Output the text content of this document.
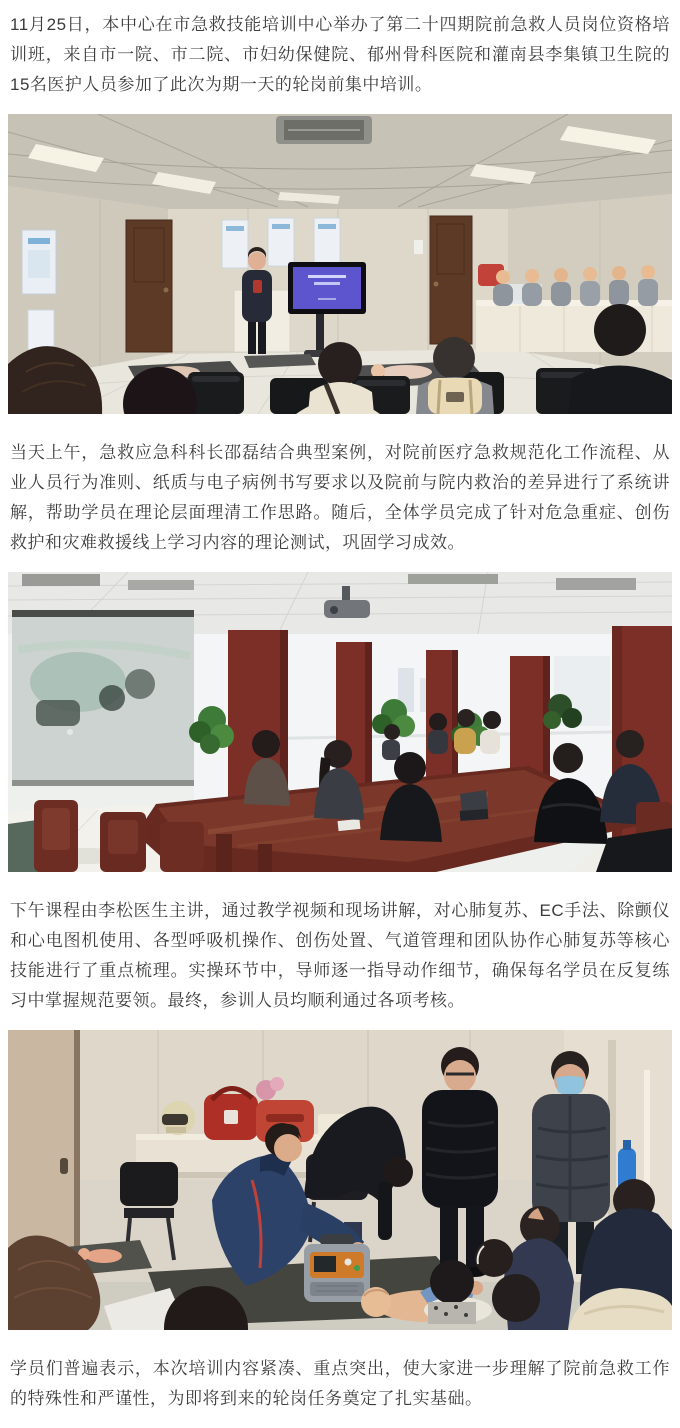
11月25日，本中心在市急救技能培训中心举办了第二十四期院前急救人员岗位资格培训班，来自市一院、市二院、市妇幼保健院、郁州骨科医院和灌南县李集镇卫生院的15名医护人员参加了此次为期一天的轮岗前集中培训。

当天上午，急救应急科科长邵磊结合典型案例，对院前医疗急救规范化工作流程、从业人员行为准则、纸质与电子病例书写要求以及院前与院内救治的差异进行了系统讲解，帮助学员在理论层面理清工作思路。随后，全体学员完成了针对危急重症、创伤救护和灾难救援线上学习内容的理论测试，巩固学习成效。

下午课程由李松医生主讲，通过教学视频和现场讲解，对心肺复苏、EC手法、除颤仪和心电图机使用、各型呼吸机操作、创伤处置、气道管理和团队协作心肺复苏等核心技能进行了重点梳理。实操环节中，导师逐一指导动作细节，确保每名学员在反复练习中掌握规范要领。最终，参训人员均顺利通过各项考核。

学员们普遍表示，本次培训内容紧凑、重点突出，使大家进一步理解了院前急救工作的特殊性和严谨性，为即将到来的轮岗任务奠定了扎实基础。
